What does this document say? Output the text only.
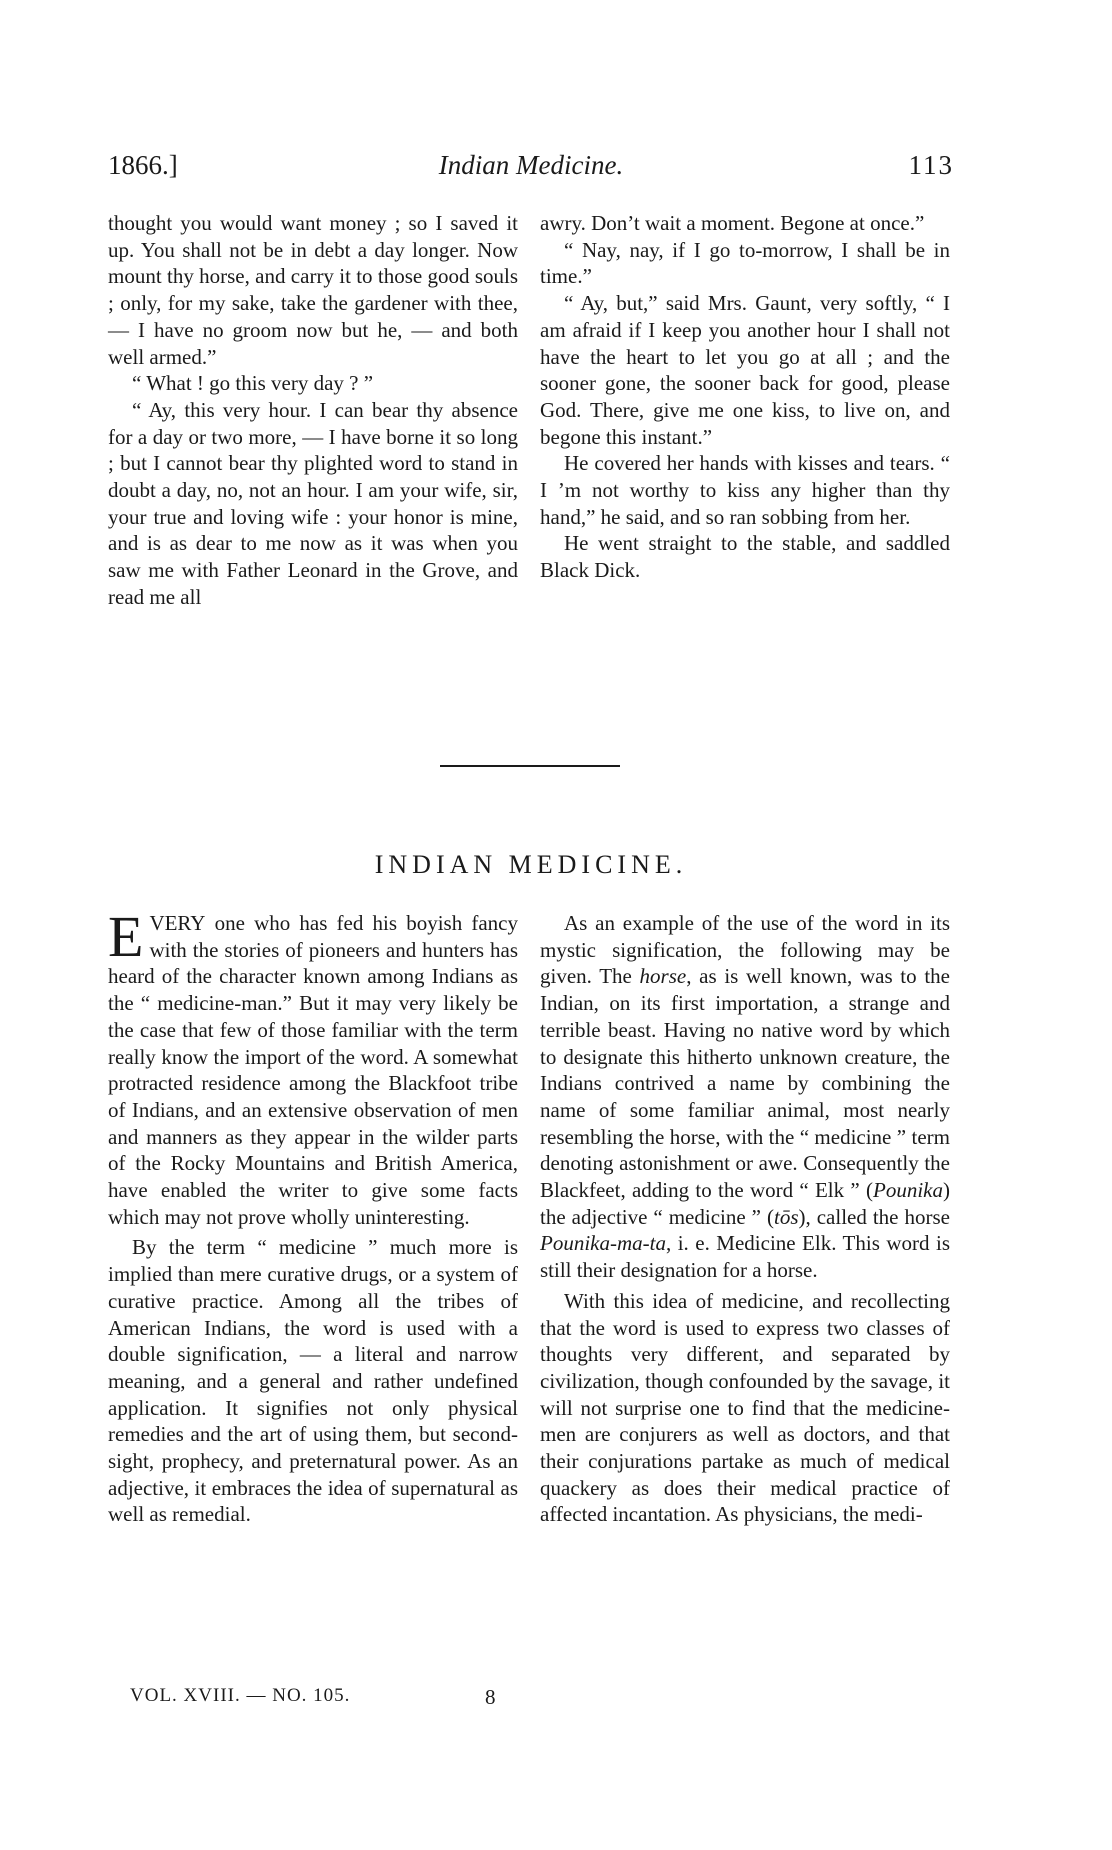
1866.]	Indian Medicine.	113

thought you would want money ; so I saved it up. You shall not be in debt a day longer. Now mount thy horse, and carry it to those good souls ; only, for my sake, take the gardener with thee, — I have no groom now but he, — and both well armed.”

“ What ! go this very day ? ”

“ Ay, this very hour. I can bear thy absence for a day or two more, — I have borne it so long ; but I cannot bear thy plighted word to stand in doubt a day, no, not an hour. I am your wife, sir, your true and loving wife : your honor is mine, and is as dear to me now as it was when you saw me with Father Leonard in the Grove, and read me all

awry. Don’t wait a moment. Begone at once.”

“ Nay, nay, if I go to-morrow, I shall be in time.”

“ Ay, but,” said Mrs. Gaunt, very softly, “ I am afraid if I keep you another hour I shall not have the heart to let you go at all ; and the sooner gone, the sooner back for good, please God. There, give me one kiss, to live on, and begone this instant.”

He covered her hands with kisses and tears. “ I ’m not worthy to kiss any higher than thy hand,” he said, and so ran sobbing from her.

He went straight to the stable, and saddled Black Dick.

INDIAN MEDICINE.

EVERY one who has fed his boyish fancy with the stories of pioneers and hunters has heard of the character known among Indians as the “ medicine-man.” But it may very likely be the case that few of those familiar with the term really know the import of the word. A somewhat protracted residence among the Blackfoot tribe of Indians, and an extensive observation of men and manners as they appear in the wilder parts of the Rocky Mountains and British America, have enabled the writer to give some facts which may not prove wholly uninteresting.

By the term “ medicine ” much more is implied than mere curative drugs, or a system of curative practice. Among all the tribes of American Indians, the word is used with a double signification, — a literal and narrow meaning, and a general and rather undefined application. It signifies not only physical remedies and the art of using them, but second-sight, prophecy, and preternatural power. As an adjective, it embraces the idea of supernatural as well as remedial.

As an example of the use of the word in its mystic signification, the following may be given. The horse, as is well known, was to the Indian, on its first importation, a strange and terrible beast. Having no native word by which to designate this hitherto unknown creature, the Indians contrived a name by combining the name of some familiar animal, most nearly resembling the horse, with the “ medicine ” term denoting astonishment or awe. Consequently the Blackfeet, adding to the word “ Elk ” (Pounika) the adjective “ medicine ” (tōs), called the horse Pounika-ma-ta, i. e. Medicine Elk. This word is still their designation for a horse.

With this idea of medicine, and recollecting that the word is used to express two classes of thoughts very different, and separated by civilization, though confounded by the savage, it will not surprise one to find that the medicine-men are conjurers as well as doctors, and that their conjurations partake as much of medical quackery as does their medical practice of affected incantation. As physicians, the medi-

VOL. XVIII. — NO. 105.	8
